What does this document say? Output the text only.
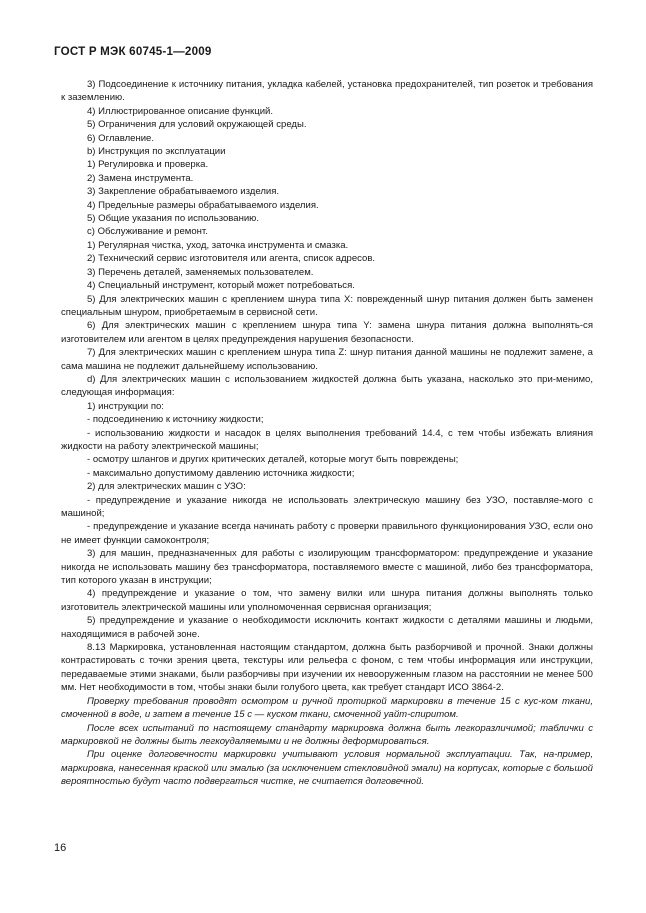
ГОСТ Р МЭК 60745-1—2009

3) Подсоединение к источнику питания, укладка кабелей, установка предохранителей, тип розеток и требования к заземлению.

4) Иллюстрированное описание функций.

5) Ограничения для условий окружающей среды.

6) Оглавление.

b) Инструкция по эксплуатации

1) Регулировка и проверка.

2) Замена инструмента.

3) Закрепление обрабатываемого изделия.

4) Предельные размеры обрабатываемого изделия.

5) Общие указания по использованию.

c) Обслуживание и ремонт.

1) Регулярная чистка, уход, заточка инструмента и смазка.

2) Технический сервис изготовителя или агента, список адресов.

3) Перечень деталей, заменяемых пользователем.

4) Специальный инструмент, который может потребоваться.

5) Для электрических машин с креплением шнура типа X: поврежденный шнур питания должен быть заменен специальным шнуром, приобретаемым в сервисной сети.

6) Для электрических машин с креплением шнура типа Y: замена шнура питания должна выполнять-ся изготовителем или агентом в целях предупреждения нарушения безопасности.

7) Для электрических машин с креплением шнура типа Z: шнур питания данной машины не подлежит замене, а сама машина не подлежит дальнейшему использованию.

d) Для электрических машин с использованием жидкостей должна быть указана, насколько это при-менимо, следующая информация:

1) инструкции по:

- подсоединению к источнику жидкости;

- использованию жидкости и насадок в целях выполнения требований 14.4, с тем чтобы избежать влияния жидкости на работу электрической машины;

- осмотру шлангов и других критических деталей, которые могут быть повреждены;

- максимально допустимому давлению источника жидкости;

2) для электрических машин с УЗО:

- предупреждение и указание никогда не использовать электрическую машину без УЗО, поставляе-мого с машиной;

- предупреждение и указание всегда начинать работу с проверки правильного функционирования УЗО, если оно не имеет функции самоконтроля;

3) для машин, предназначенных для работы с изолирующим трансформатором: предупреждение и указание никогда не использовать машину без трансформатора, поставляемого вместе с машиной, либо без трансформатора, тип которого указан в инструкции;

4) предупреждение и указание о том, что замену вилки или шнура питания должны выполнять только изготовитель электрической машины или уполномоченная сервисная организация;

5) предупреждение и указание о необходимости исключить контакт жидкости с деталями машины и людьми, находящимися в рабочей зоне.

8.13 Маркировка, установленная настоящим стандартом, должна быть разборчивой и прочной. Знаки должны контрастировать с точки зрения цвета, текстуры или рельефа с фоном, с тем чтобы информация или инструкции, передаваемые этими знаками, были разборчивы при изучении их невооруженным глазом на расстоянии не менее 500 мм. Нет необходимости в том, чтобы знаки были голубого цвета, как требует стандарт ИСО 3864-2.

Проверку требования проводят осмотром и ручной протиркой маркировки в течение 15 с кус-ком ткани, смоченной в воде, и затем в течение 15 с — куском ткани, смоченной уайт-спиритом.

После всех испытаний по настоящему стандарту маркировка должна быть легкоразличимой; таблички с маркировкой не должны быть легкоудаляемыми и не должны деформироваться.

При оценке долговечности маркировки учитывают условия нормальной эксплуатации. Так, на-пример, маркировка, нанесенная краской или эмалью (за исключением стекловидной эмали) на корпусах, которые с большой вероятностью будут часто подвергаться чистке, не считается долговечной.

16
